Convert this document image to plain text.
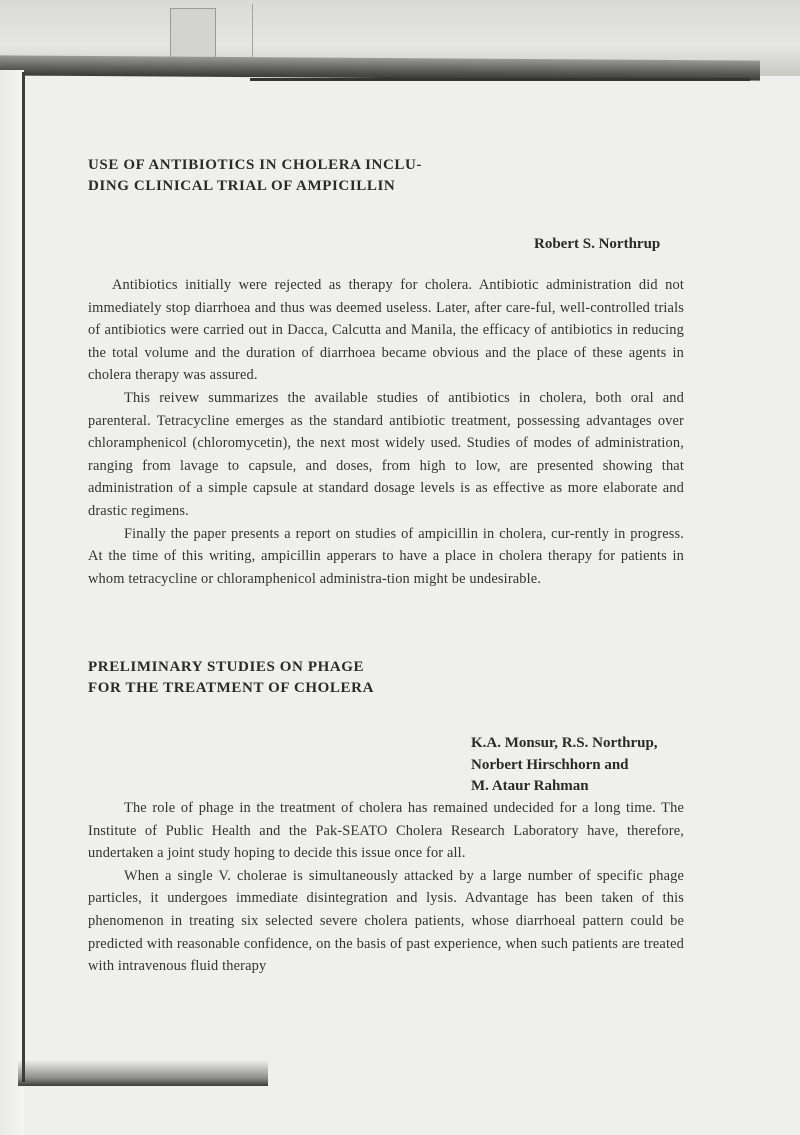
USE OF ANTIBIOTICS IN CHOLERA INCLU-
DING CLINICAL TRIAL OF AMPICILLIN
Robert S. Northrup

Antibiotics initially were rejected as therapy for cholera. Antibiotic administration did not immediately stop diarrhoea and thus was deemed useless. Later, after care-ful, well-controlled trials of antibiotics were carried out in Dacca, Calcutta and Manila, the efficacy of antibiotics in reducing the total volume and the duration of diarrhoea became obvious and the place of these agents in cholera therapy was assured.

This reivew summarizes the available studies of antibiotics in cholera, both oral and parenteral. Tetracycline emerges as the standard antibiotic treatment, possessing advantages over chloramphenicol (chloromycetin), the next most widely used. Studies of modes of administration, ranging from lavage to capsule, and doses, from high to low, are presented showing that administration of a simple capsule at standard dosage levels is as effective as more elaborate and drastic regimens.

Finally the paper presents a report on studies of ampicillin in cholera, cur-rently in progress. At the time of this writing, ampicillin apperars to have a place in cholera therapy for patients in whom tetracycline or chloramphenicol administra-tion might be undesirable.

PRELIMINARY STUDIES ON PHAGE
FOR THE TREATMENT OF CHOLERA
K.A. Monsur, R.S. Northrup,
Norbert Hirschhorn and
M. Ataur Rahman

The role of phage in the treatment of cholera has remained undecided for a long time. The Institute of Public Health and the Pak-SEATO Cholera Research Laboratory have, therefore, undertaken a joint study hoping to decide this issue once for all.

When a single V. cholerae is simultaneously attacked by a large number of specific phage particles, it undergoes immediate disintegration and lysis. Advantage has been taken of this phenomenon in treating six selected severe cholera patients, whose diarrhoeal pattern could be predicted with reasonable confidence, on the basis of past experience, when such patients are treated with intravenous fluid therapy
